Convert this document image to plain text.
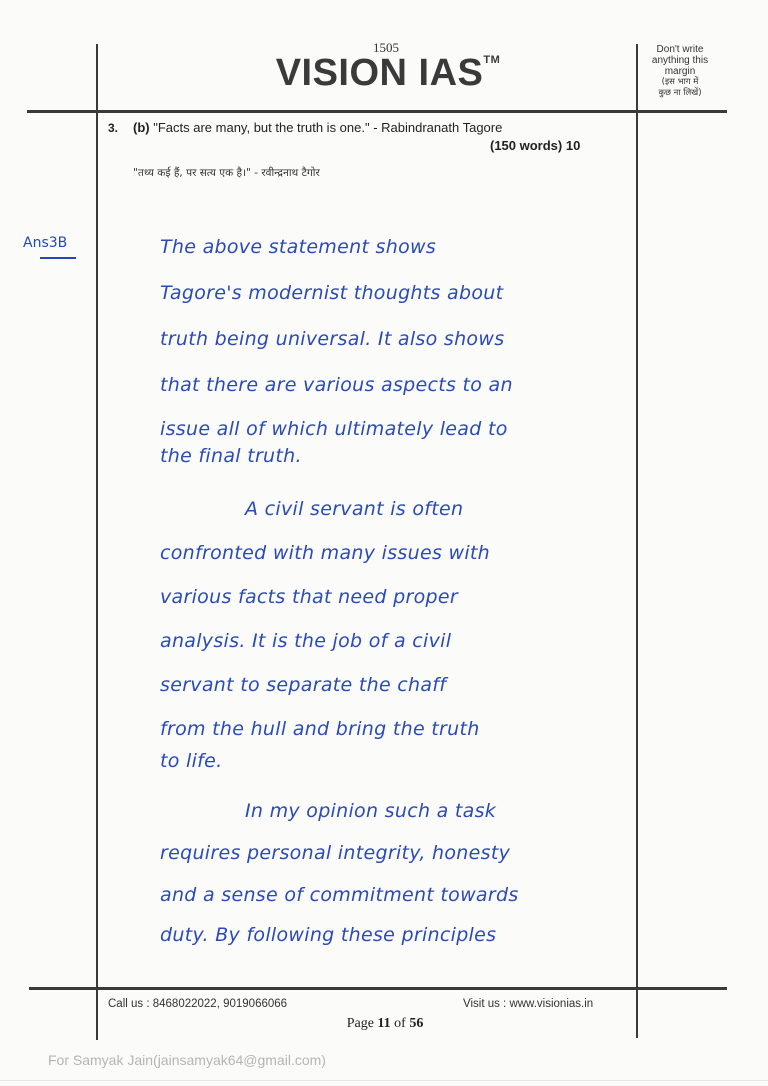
1505
VISION IAS™
Don't write
anything this
margin
(इस भाग में
कुछ ना लिखें)
3. (b) "Facts are many, but the truth is one." - Rabindranath Tagore
(150 words) 10
"तथ्य कई हैं, पर सत्य एक है।" - रवीन्द्रनाथ टैगोर
Ans3B	The above statement shows
Tagore's modernist thoughts about
truth being universal. It also shows
that there are various aspects to an
issue all of which ultimately lead to
the final truth.
A civil servant is often
confronted with many issues with
various facts that need proper
analysis. It is the job of a civil
servant to separate the chaff
from the hull and bring the truth
to life.
In my opinion such a task
requires personal integrity, honesty
and a sense of commitment towards
duty. By following these principles
Call us : 8468022022, 9019066066	Visit us : www.visionias.in
Page 11 of 56
For Samyak Jain(jainsamyak64@gmail.com)
